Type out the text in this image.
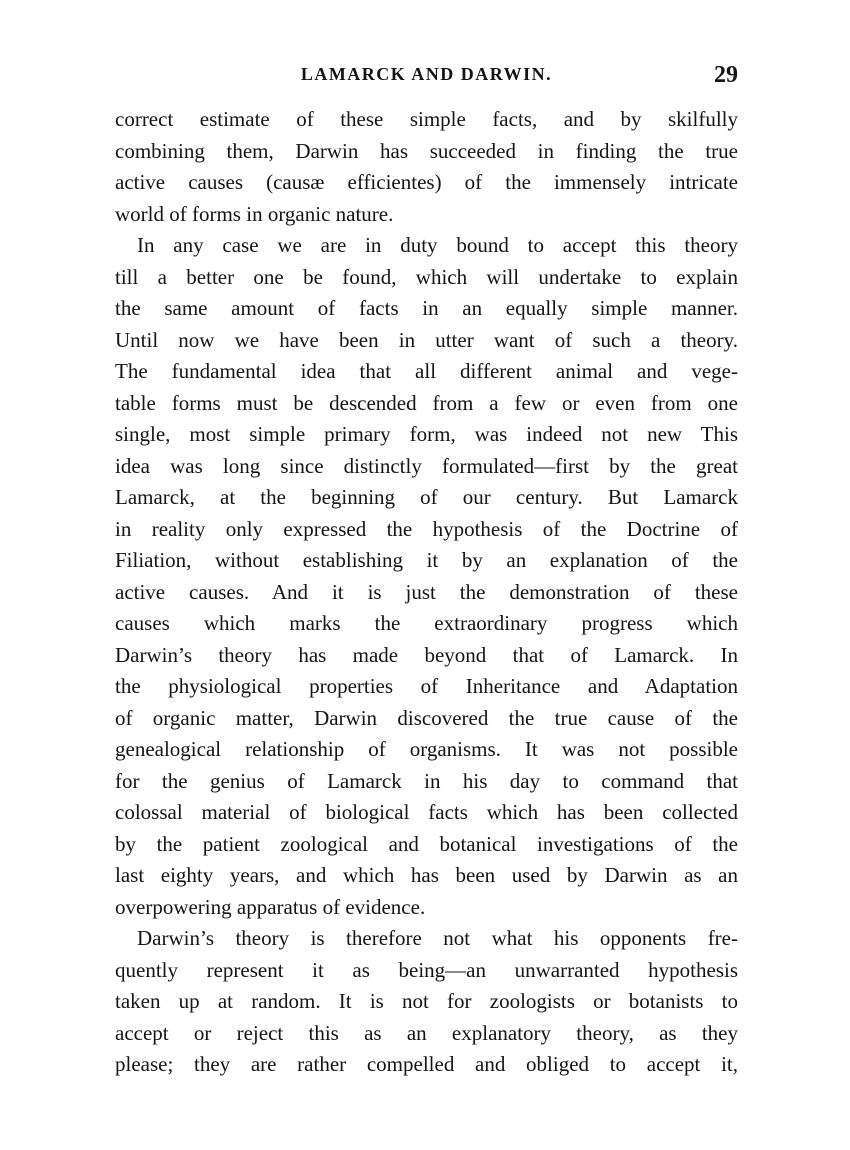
LAMARCK AND DARWIN.	29
correct estimate of these simple facts, and by skilfully
combining them, Darwin has succeeded in finding the true
active causes (causæ efficientes) of the immensely intricate
world of forms in organic nature.
In any case we are in duty bound to accept this theory
till a better one be found, which will undertake to explain
the same amount of facts in an equally simple manner.
Until now we have been in utter want of such a theory.
The fundamental idea that all different animal and vege-
table forms must be descended from a few or even from one
single, most simple primary form, was indeed not new This
idea was long since distinctly formulated—first by the great
Lamarck, at the beginning of our century. But Lamarck
in reality only expressed the hypothesis of the Doctrine of
Filiation, without establishing it by an explanation of the
active causes. And it is just the demonstration of these
causes which marks the extraordinary progress which
Darwin’s theory has made beyond that of Lamarck. In
the physiological properties of Inheritance and Adaptation
of organic matter, Darwin discovered the true cause of the
genealogical relationship of organisms. It was not possible
for the genius of Lamarck in his day to command that
colossal material of biological facts which has been collected
by the patient zoological and botanical investigations of the
last eighty years, and which has been used by Darwin as an
overpowering apparatus of evidence.
Darwin’s theory is therefore not what his opponents fre-
quently represent it as being—an unwarranted hypothesis
taken up at random. It is not for zoologists or botanists to
accept or reject this as an explanatory theory, as they
please; they are rather compelled and obliged to accept it,
